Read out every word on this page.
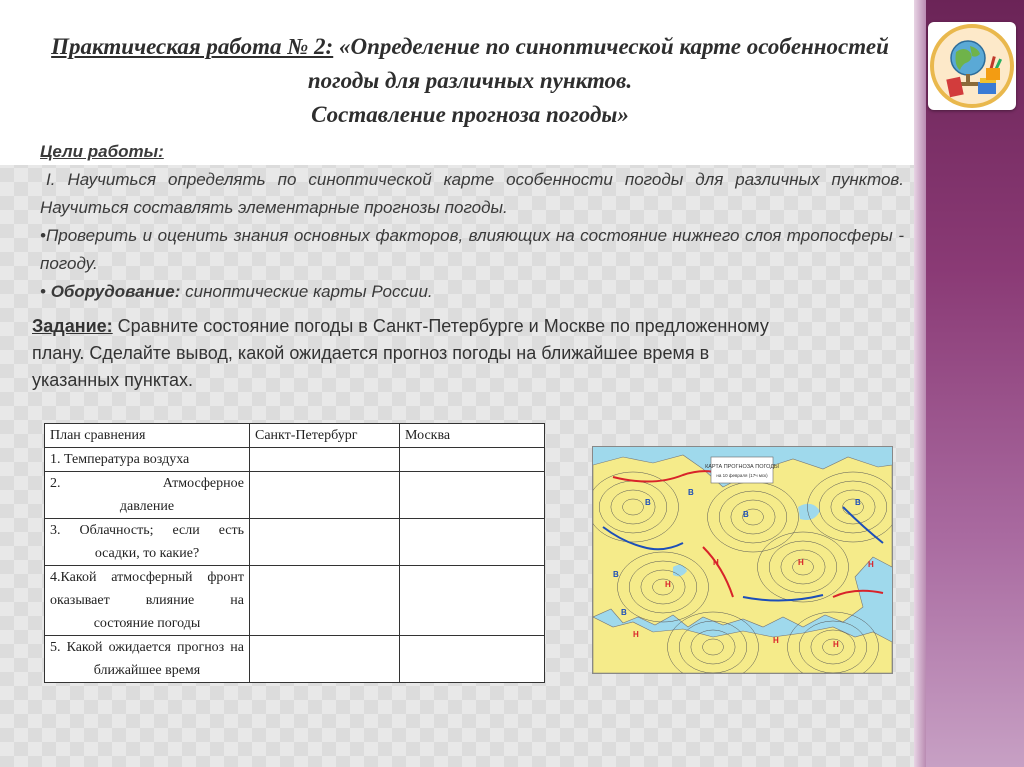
Практическая работа № 2: «Определение по синоптической карте особенностей погоды для различных пунктов.
Составление прогноза погоды»

Цели работы:

I. Научиться определять по синоптической карте особенности погоды для различных пунктов. Научиться составлять элементарные прогнозы погоды.

•Проверить и оценить знания основных факторов, влияющих на состояние нижнего слоя тропосферы - погоду.

• Оборудование: синоптические карты России.

Задание: Сравните состояние погоды в Санкт-Петербурге и Москве по предложенному плану. Сделайте вывод, какой ожидается прогноз погоды на ближайшее время в указанных пунктах.
План сравнения	Санкт-Петербург	Москва
1. Температура воздуха		
2. Атмосферное
давление		

3. Облачность; если есть
осадки, то какие?		

4.Какой атмосферный фронт оказывает влияние на
состояние погоды		

5. Какой ожидается прогноз на
ближайшее время		

КАРТА ПРОГНОЗА ПОГОДЫ
на 10 февраля (17ч мск)
В
В
В
Н
Н
Н
В
Н
В
Н
В
Н
Н
